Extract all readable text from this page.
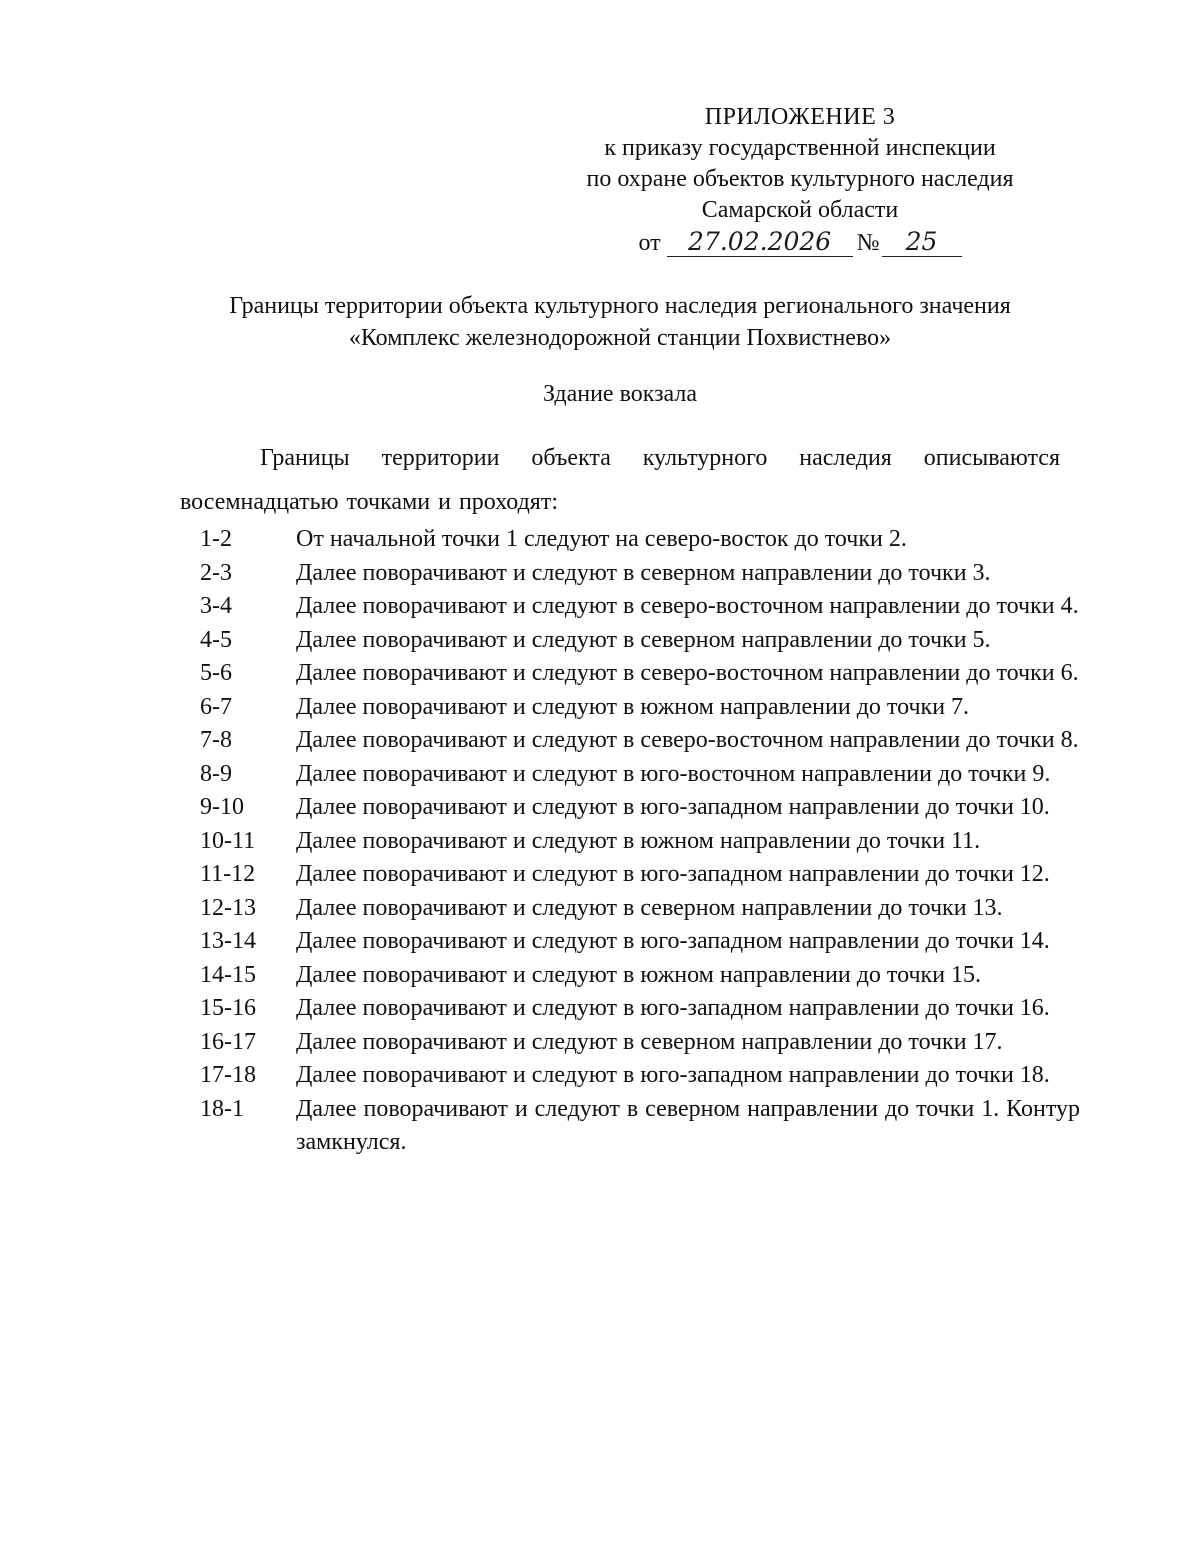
ПРИЛОЖЕНИЕ 3
к приказу государственной инспекции
по охране объектов культурного наследия
Самарской области
от 27.02.2026 № 25
Границы территории объекта культурного наследия регионального значения
«Комплекс железнодорожной станции Похвистнево»
Здание вокзала
Границы территории объекта культурного наследия описываются восемнадцатью точками и проходят:
1-2	От начальной точки 1 следуют на северо-восток до точки 2.
2-3	Далее поворачивают и следуют в северном направлении до точки 3.
3-4	Далее поворачивают и следуют в северо-восточном направлении до точки 4.
4-5	Далее поворачивают и следуют в северном направлении до точки 5.
5-6	Далее поворачивают и следуют в северо-восточном направлении до точки 6.
6-7	Далее поворачивают и следуют в южном направлении до точки 7.
7-8	Далее поворачивают и следуют в северо-восточном направлении до точки 8.
8-9	Далее поворачивают и следуют в юго-восточном направлении до точки 9.
9-10	Далее поворачивают и следуют в юго-западном направлении до точки 10.
10-11	Далее поворачивают и следуют в южном направлении до точки 11.
11-12	Далее поворачивают и следуют в юго-западном направлении до точки 12.
12-13	Далее поворачивают и следуют в северном направлении до точки 13.
13-14	Далее поворачивают и следуют в юго-западном направлении до точки 14.
14-15	Далее поворачивают и следуют в южном направлении до точки 15.
15-16	Далее поворачивают и следуют в юго-западном направлении до точки 16.
16-17	Далее поворачивают и следуют в северном направлении до точки 17.
17-18	Далее поворачивают и следуют в юго-западном направлении до точки 18.
18-1	Далее поворачивают и следуют в северном направлении до точки 1. Контур замкнулся.
